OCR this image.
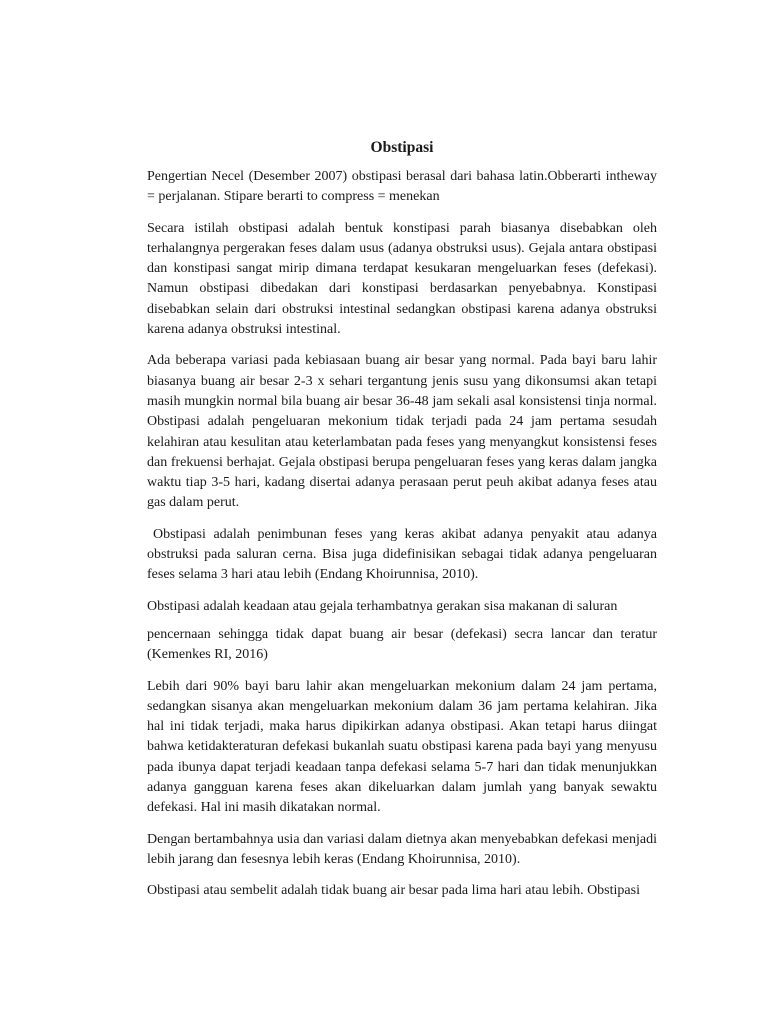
Obstipasi

Pengertian Necel (Desember 2007) obstipasi berasal dari bahasa latin.Obberarti intheway = perjalanan. Stipare berarti to compress = menekan

Secara istilah obstipasi adalah bentuk konstipasi parah biasanya disebabkan oleh terhalangnya pergerakan feses dalam usus (adanya obstruksi usus). Gejala antara obstipasi dan konstipasi sangat mirip dimana terdapat kesukaran mengeluarkan feses (defekasi). Namun obstipasi dibedakan dari konstipasi berdasarkan penyebabnya. Konstipasi disebabkan selain dari obstruksi intestinal sedangkan obstipasi karena adanya obstruksi karena adanya obstruksi intestinal.

Ada beberapa variasi pada kebiasaan buang air besar yang normal. Pada bayi baru lahir biasanya buang air besar 2-3 x sehari tergantung jenis susu yang dikonsumsi akan tetapi masih mungkin normal bila buang air besar 36-48 jam sekali asal konsistensi tinja normal. Obstipasi adalah pengeluaran mekonium tidak terjadi pada 24 jam pertama sesudah kelahiran atau kesulitan atau keterlambatan pada feses yang menyangkut konsistensi feses dan frekuensi berhajat. Gejala obstipasi berupa pengeluaran feses yang keras dalam jangka waktu tiap 3-5 hari, kadang disertai adanya perasaan perut peuh akibat adanya feses atau gas dalam perut.

Obstipasi adalah penimbunan feses yang keras akibat adanya penyakit atau adanya obstruksi pada saluran cerna. Bisa juga didefinisikan sebagai tidak adanya pengeluaran feses selama 3 hari atau lebih (Endang Khoirunnisa, 2010).

Obstipasi adalah keadaan atau gejala terhambatnya gerakan sisa makanan di saluran

pencernaan sehingga tidak dapat buang air besar (defekasi) secra lancar dan teratur (Kemenkes RI, 2016)

Lebih dari 90% bayi baru lahir akan mengeluarkan mekonium dalam 24 jam pertama, sedangkan sisanya akan mengeluarkan mekonium dalam 36 jam pertama kelahiran. Jika hal ini tidak terjadi, maka harus dipikirkan adanya obstipasi. Akan tetapi harus diingat bahwa ketidakteraturan defekasi bukanlah suatu obstipasi karena pada bayi yang menyusu pada ibunya dapat terjadi keadaan tanpa defekasi selama 5-7 hari dan tidak menunjukkan adanya gangguan karena feses akan dikeluarkan dalam jumlah yang banyak sewaktu defekasi. Hal ini masih dikatakan normal.

Dengan bertambahnya usia dan variasi dalam dietnya akan menyebabkan defekasi menjadi lebih jarang dan fesesnya lebih keras (Endang Khoirunnisa, 2010).

Obstipasi atau sembelit adalah tidak buang air besar pada lima hari atau lebih. Obstipasi
